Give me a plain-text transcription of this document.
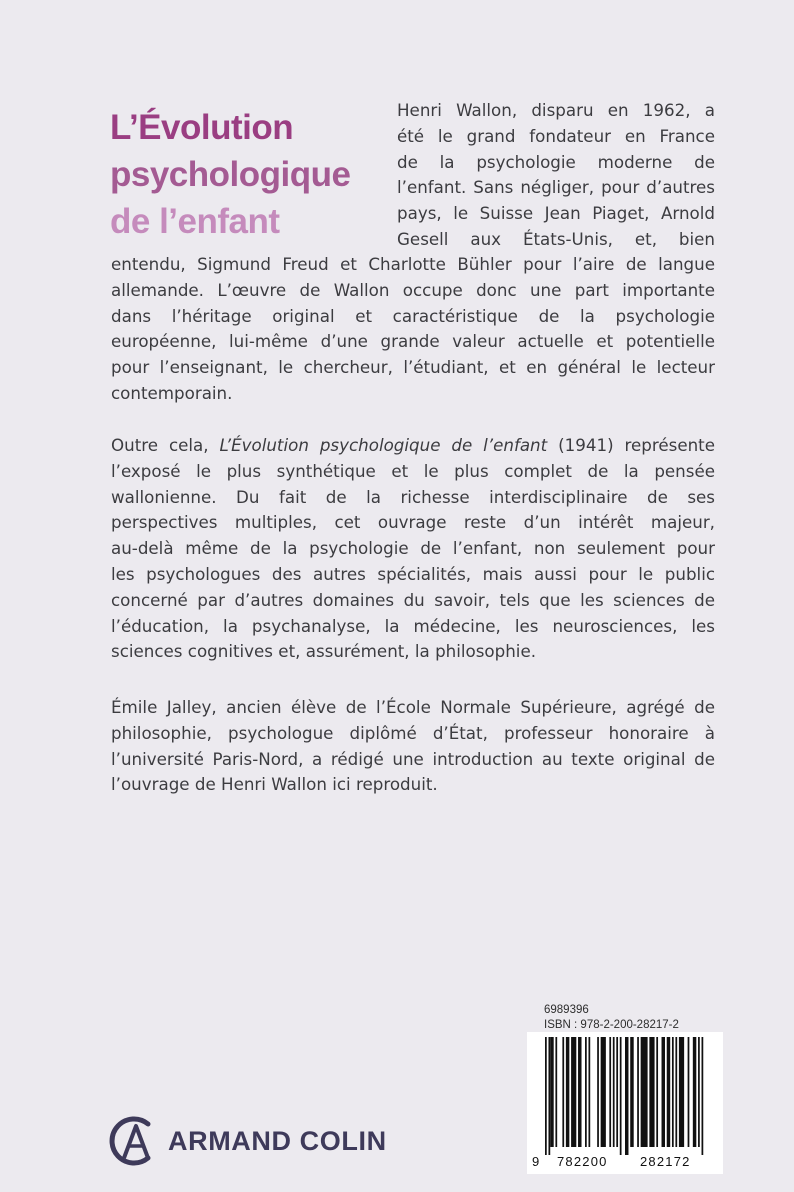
L’Évolution
psychologique
de l’enfant
Henri Wallon, disparu en 1962, a
été le grand fondateur en France
de la psychologie moderne de
l’enfant. Sans négliger, pour d’autres
pays, le Suisse Jean Piaget, Arnold
Gesell aux États-Unis, et, bien
entendu, Sigmund Freud et Charlotte Bühler pour l’aire de langue
allemande. L’œuvre de Wallon occupe donc une part importante
dans l’héritage original et caractéristique de la psychologie
européenne, lui-même d’une grande valeur actuelle et potentielle
pour l’enseignant, le chercheur, l’étudiant, et en général le lecteur
contemporain.
Outre cela, L’Évolution psychologique de l’enfant (1941) représente
l’exposé le plus synthétique et le plus complet de la pensée
wallonienne. Du fait de la richesse interdisciplinaire de ses
perspectives multiples, cet ouvrage reste d’un intérêt majeur,
au-delà même de la psychologie de l’enfant, non seulement pour
les psychologues des autres spécialités, mais aussi pour le public
concerné par d’autres domaines du savoir, tels que les sciences de
l’éducation, la psychanalyse, la médecine, les neurosciences, les
sciences cognitives et, assurément, la philosophie.
Émile Jalley, ancien élève de l’École Normale Supérieure, agrégé de
philosophie, psychologue diplômé d’État, professeur honoraire à
l’université Paris-Nord, a rédigé une introduction au texte original de
l’ouvrage de Henri Wallon ici reproduit.
ARMAND COLIN
6989396
ISBN : 978-2-200-28217-2
9 782200 282172
